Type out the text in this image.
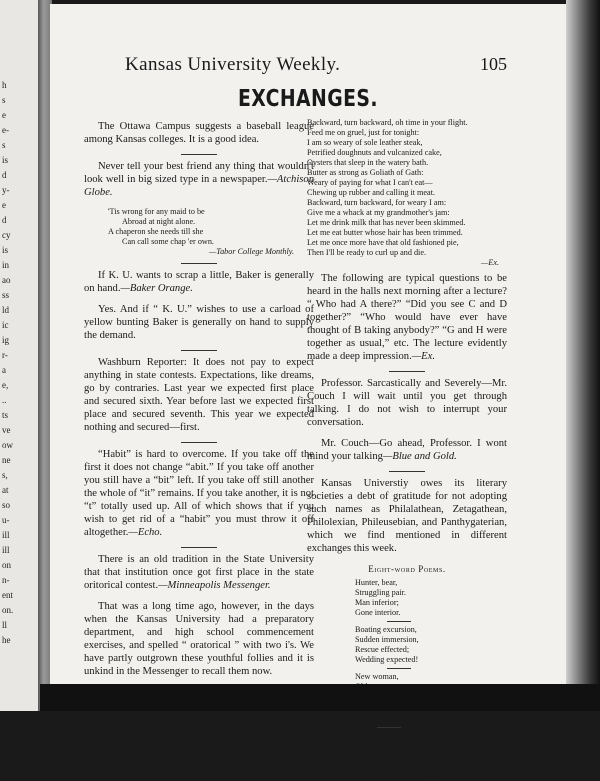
h
s
e
e-
s
is
d
y-
e
d
cy
is
in
ao
ss
ld
ic
ig
r-
a
e,
..
ts
ve
ow
ne
s,
at
so
u-
ill
ill
on
n-
ent
on.
ll
he
Kansas University Weekly.	105
EXCHANGES.

The Ottawa Campus suggests a baseball league among Kansas colleges. It is a good idea.

Never tell your best friend any thing that wouldn't look well in big sized type in a newspaper.—Atchison Globe.

'Tis wrong for any maid to be
Abroad at night alone.
A chaperon she needs till she
Can call some chap 'er own.
—Tabor College Monthly.

If K. U. wants to scrap a little, Baker is generally on hand.—Baker Orange.

Yes. And if “ K. U.” wishes to use a carload of yellow bunting Baker is generally on hand to supply the demand.

Washburn Reporter: It does not pay to expect anything in state contests. Expectations, like dreams, go by contraries. Last year we expected first place and secured sixth. Year before last we expected first place and secured seventh. This year we expected nothing and secured—first.

“Habit” is hard to overcome. If you take off the first it does not change “abit.” If you take off another you still have a “bit” left. If you take off still another the whole of “it” remains. If you take another, it is not “t” totally used up. All of which shows that if you wish to get rid of a “habit” you must throw it off altogether.—Echo.

There is an old tradition in the State University that that institution once got first place in the state oritorical contest.—Minneapolis Messenger.

That was a long time ago, however, in the days when the Kansas University had a preparatory department, and high school commencement exercises, and spelled “ oratorical ” with two i's. We have partly outgrown these youthful follies and it is unkind in the Messenger to recall them now.

Backward, turn backward, oh time in your flight.
Feed me on gruel, just for tonight:
I am so weary of sole leather steak,
Petrified doughnuts and vulcanized cake,
Oysters that sleep in the watery bath.
Butter as strong as Goliath of Gath:
Weary of paying for what I can't eat—
Chewing up rubber and calling it meat.
Backward, turn backward, for weary I am:
Give me a whack at my grandmother's jam:
Let me drink milk that has never been skimmed.
Let me eat butter whose hair has been trimmed.
Let me once more have that old fashioned pie,
Then I'll be ready to curl up and die.
—Ex.

The following are typical questions to be heard in the halls next morning after a lecture? “ Who had A there?” “Did you see C and D together?” “Who would have ever have thought of B taking anybody?” “G and H were together as usual,” etc. The lecture evidently made a deep impression.—Ex.

Professor. Sarcastically and Severely—Mr. Couch I will wait until you get through talking. I do not wish to interrupt your conversation.

Mr. Couch—Go ahead, Professor. I wont mind your talking—Blue and Gold.

Kansas Universtiy owes its literary societies a debt of gratitude for not adopting such names as Philalathean, Zetagathean, Philolexian, Phileusebian, and Panthygaterian, which we find mentioned in different exchanges this week.

Eight-word Poems.
Hunter, bear,
Struggling pair.
Man inferior;
Gone interior.
Boating excursion,
Sudden immersion,
Rescue effected;
Wedding expected!
New woman,
—Ex.
She had a lovely neck,
And everybody said—
Who indeed might doubt it!—
That that's what turned her head.
—Ex.
